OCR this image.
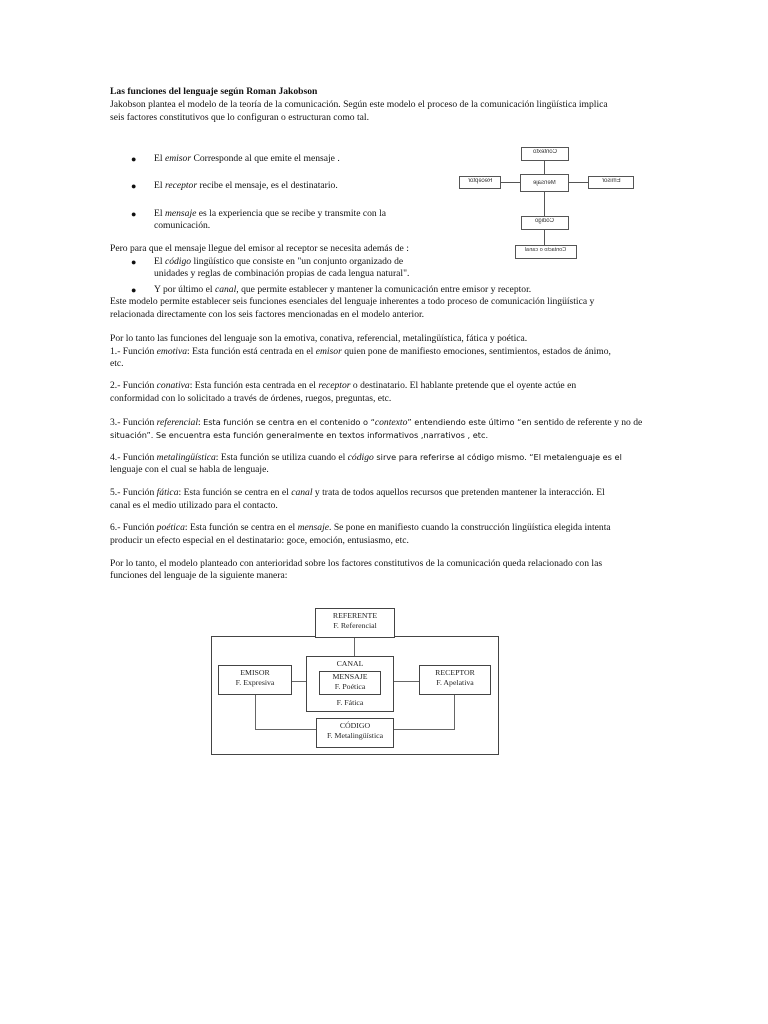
Las funciones del lenguaje según Roman Jakobson

Jakobson plantea el modelo de la teoría de la comunicación. Según este modelo el proceso de la comunicación lingüística implica

seis factores constitutivos que lo configuran o estructuran como tal.

● El emisor Corresponde al que emite el mensaje .

● El receptor recibe el mensaje, es el destinatario.

● El mensaje es la experiencia que se recibe y transmite con la

comunicación.

Pero para que el mensaje llegue del emisor al receptor se necesita además de :

● El código lingüístico que consiste en "un conjunto organizado de

unidades y reglas de combinación propias de cada lengua natural".

● Y por último el canal, que permite establecer y mantener la comunicación entre emisor y receptor.

Este modelo permite establecer seis funciones esenciales del lenguaje inherentes a todo proceso de comunicación lingüística y

relacionada directamente con los seis factores mencionadas en el modelo anterior.

Por lo tanto las funciones del lenguaje son la emotiva, conativa, referencial, metalingüística, fática y poética.

1.- Función emotiva: Esta función está centrada en el emisor quien pone de manifiesto emociones, sentimientos, estados de ánimo,

etc.

2.- Función conativa: Esta función esta centrada en el receptor o destinatario. El hablante pretende que el oyente actúe en

conformidad con lo solicitado a través de órdenes, ruegos, preguntas, etc.

3.- Función referencial: Esta función se centra en el contenido o “contexto” entendiendo este último “en sentido de referente y no de

situación”. Se encuentra esta función generalmente en textos informativos ,narrativos , etc.

4.- Función metalingüística: Esta función se utiliza cuando el código sirve para referirse al código mismo. “El metalenguaje es el

lenguaje con el cual se habla de lenguaje.

5.- Función fática: Esta función se centra en el canal y trata de todos aquellos recursos que pretenden mantener la interacción. El

canal es el medio utilizado para el contacto.

6.- Función poética: Esta función se centra en el mensaje. Se pone en manifiesto cuando la construcción lingüística elegida intenta

producir un efecto especial en el destinatario: goce, emoción, entusiasmo, etc.

Por lo tanto, el modelo planteado con anterioridad sobre los factores constitutivos de la comunicación queda relacionado con las

funciones del lenguaje de la siguiente manera:

Contexto
Receptor	Mensaje	Emisor
Código
Contacto o canal
REFERENTE
F. Referencial
EMISOR
F. Expresiva
CANAL
MENSAJE
F. Poética
F. Fática
RECEPTOR
F. Apelativa
CÓDIGO
F. Metalingüística
